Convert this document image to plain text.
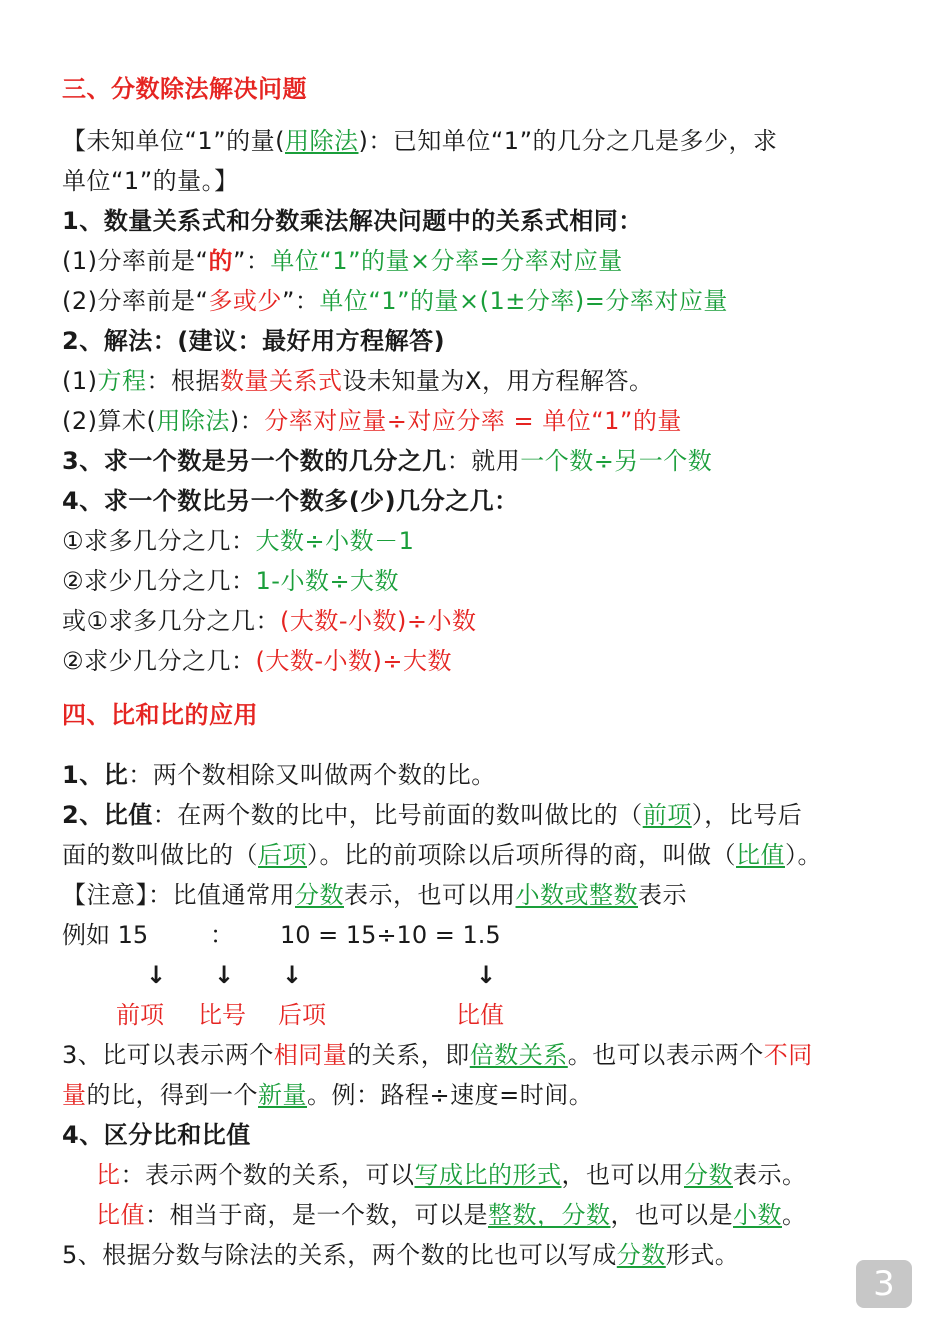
三、分数除法解决问题
【未知单位“1”的量(用除法)：已知单位“1”的几分之几是多少，求
单位“1”的量。】
1、数量关系式和分数乘法解决问题中的关系式相同：
(1)分率前是“的”：单位“1”的量×分率=分率对应量
(2)分率前是“多或少”：单位“1”的量×(1±分率)=分率对应量
2、解法：(建议：最好用方程解答)
(1)方程：根据数量关系式设未知量为X，用方程解答。
(2)算术(用除法)：分率对应量÷对应分率 = 单位“1”的量
3、求一个数是另一个数的几分之几：就用一个数÷另一个数
4、求一个数比另一个数多(少)几分之几：
①求多几分之几：大数÷小数－1
②求少几分之几：1-小数÷大数
或①求多几分之几：(大数-小数)÷小数
②求少几分之几：(大数-小数)÷大数
四、比和比的应用
1、比：两个数相除又叫做两个数的比。
2、比值：在两个数的比中，比号前面的数叫做比的（前项），比号后
面的数叫做比的（后项）。比的前项除以后项所得的商，叫做（比值）。
【注意】：比值通常用分数表示，也可以用小数或整数表示
例如 15	： 10 = 15÷10 = 1.5
↓ ↓ ↓	↓
前项 比号 后项	比值
3、比可以表示两个相同量的关系，即倍数关系。也可以表示两个不同
量的比，得到一个新量。例：路程÷速度=时间。
4、区分比和比值
比：表示两个数的关系，可以写成比的形式，也可以用分数表示。
比值：相当于商，是一个数，可以是整数，分数，也可以是小数。
5、根据分数与除法的关系，两个数的比也可以写成分数形式。
3
